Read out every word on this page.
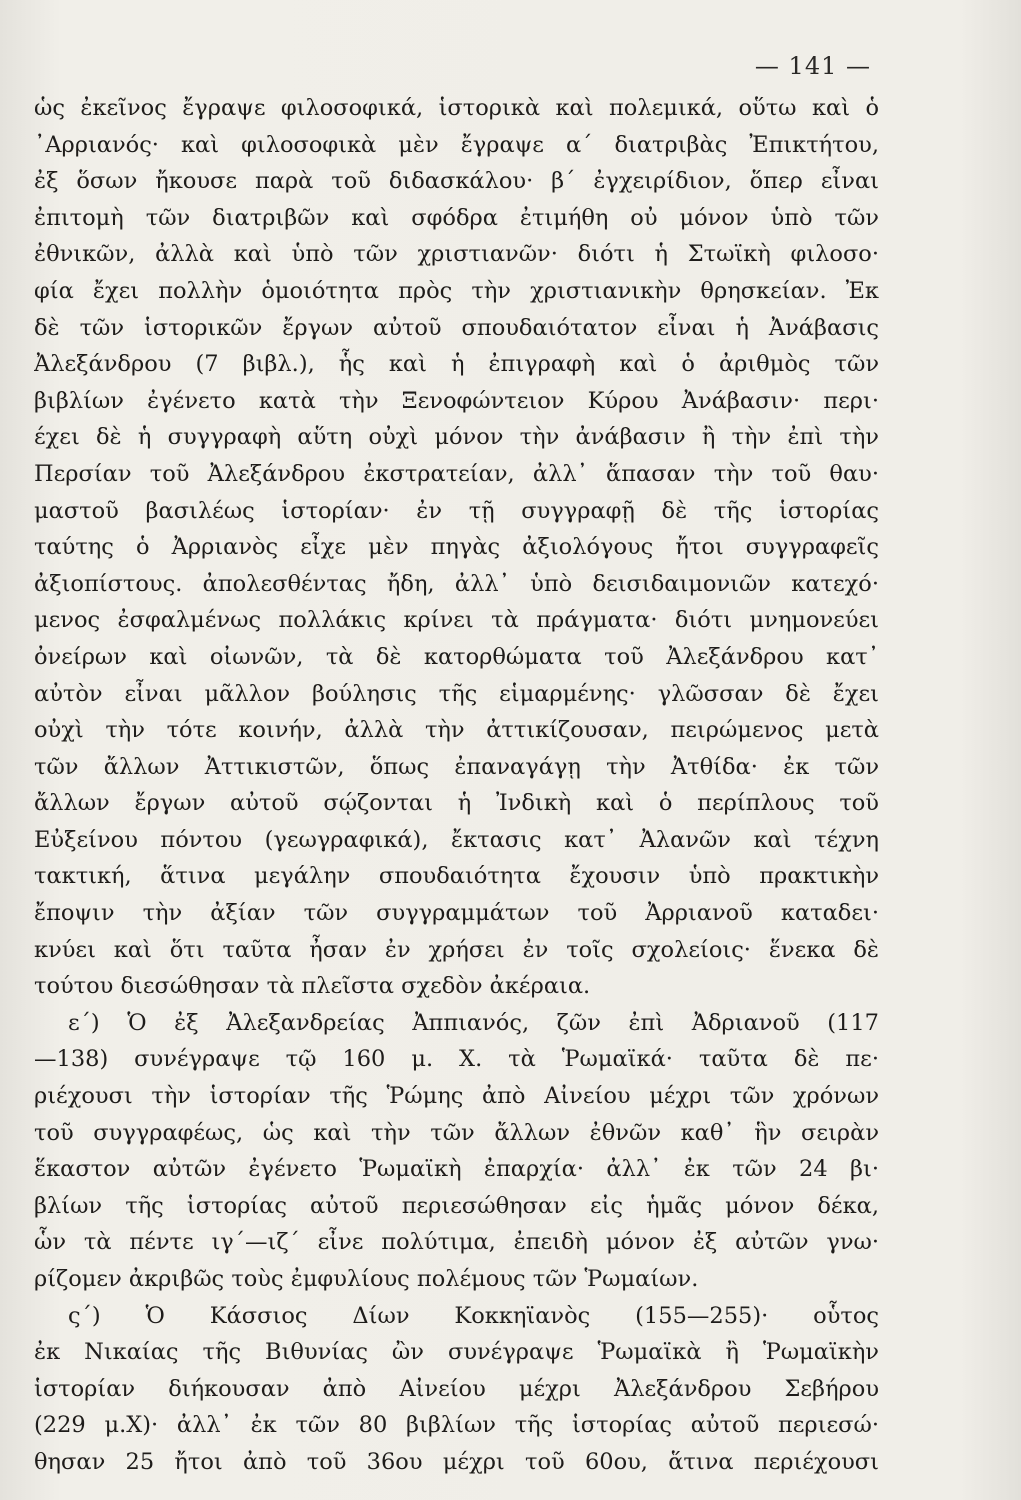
— 141 —
ὡς ἐκεῖνος ἔγραψε φιλοσοφικά, ἱστορικὰ καὶ πολεμικά, οὕτω καὶ ὁ
᾿Αρριανός· καὶ φιλοσοφικὰ μὲν ἔγραψε α΄ διατριβὰς Ἐπικτήτου,
ἐξ ὅσων ἤκουσε παρὰ τοῦ διδασκάλου· β΄ ἐγχειρίδιον, ὅπερ εἶναι
ἐπιτομὴ τῶν διατριβῶν καὶ σφόδρα ἐτιμήθη οὐ μόνον ὑπὸ τῶν
ἐθνικῶν, ἀλλὰ καὶ ὑπὸ τῶν χριστιανῶν· διότι ἡ Στωϊκὴ φιλοσο·
φία ἔχει πολλὴν ὁμοιότητα πρὸς τὴν χριστιανικὴν θρησκείαν. Ἐκ
δὲ τῶν ἱστορικῶν ἔργων αὐτοῦ σπουδαιότατον εἶναι ἡ Ἀνάβασις
Ἀλεξάνδρου (7 βιβλ.), ἧς καὶ ἡ ἐπιγραφὴ καὶ ὁ ἀριθμὸς τῶν
βιβλίων ἐγένετο κατὰ τὴν Ξενοφώντειον Κύρου Ἀνάβασιν· περι·
έχει δὲ ἡ συγγραφὴ αὕτη οὐχὶ μόνον τὴν ἀνάβασιν ἢ τὴν ἐπὶ τὴν
Περσίαν τοῦ Ἀλεξάνδρου ἐκστρατείαν, ἀλλ᾿ ἅπασαν τὴν τοῦ θαυ·
μαστοῦ βασιλέως ἱστορίαν· ἐν τῇ συγγραφῇ δὲ τῆς ἱστορίας
ταύτης ὁ Ἀρριανὸς εἶχε μὲν πηγὰς ἀξιολόγους ἤτοι συγγραφεῖς
ἀξιοπίστους. ἀπολεσθέντας ἤδη, ἀλλ᾿ ὑπὸ δεισιδαιμονιῶν κατεχό·
μενος ἐσφαλμένως πολλάκις κρίνει τὰ πράγματα· διότι μνημονεύει
ὀνείρων καὶ οἰωνῶν, τὰ δὲ κατορθώματα τοῦ Ἀλεξάνδρου κατ᾿
αὐτὸν εἶναι μᾶλλον βούλησις τῆς εἱμαρμένης· γλῶσσαν δὲ ἔχει
οὐχὶ τὴν τότε κοινήν, ἀλλὰ τὴν ἀττικίζουσαν, πειρώμενος μετὰ
τῶν ἄλλων Ἀττικιστῶν, ὅπως ἐπαναγάγῃ τὴν Ἀτθίδα· ἐκ τῶν
ἄλλων ἔργων αὐτοῦ σῴζονται ἡ Ἰνδικὴ καὶ ὁ περίπλους τοῦ
Εὐξείνου πόντου (γεωγραφικά), ἔκτασις κατ᾿ Ἀλανῶν καὶ τέχνη
τακτική, ἅτινα μεγάλην σπουδαιότητα ἔχουσιν ὑπὸ πρακτικὴν
ἔποψιν τὴν ἀξίαν τῶν συγγραμμάτων τοῦ Ἀρριανοῦ καταδει·
κνύει καὶ ὅτι ταῦτα ἦσαν ἐν χρήσει ἐν τοῖς σχολείοις· ἕνεκα δὲ
τούτου διεσώθησαν τὰ πλεῖστα σχεδὸν ἀκέραια.
ε΄) Ὁ ἐξ Ἀλεξανδρείας Ἀππιανός, ζῶν ἐπὶ Ἀδριανοῦ (117
—138) συνέγραψε τῷ 160 μ. Χ. τὰ Ῥωμαϊκά· ταῦτα δὲ πε·
ριέχουσι τὴν ἱστορίαν τῆς Ῥώμης ἀπὸ Αἰνείου μέχρι τῶν χρόνων
τοῦ συγγραφέως, ὡς καὶ τὴν τῶν ἄλλων ἐθνῶν καθ᾿ ἣν σειρὰν
ἕκαστον αὐτῶν ἐγένετο Ῥωμαϊκὴ ἐπαρχία· ἀλλ᾿ ἐκ τῶν 24 βι·
βλίων τῆς ἱστορίας αὐτοῦ περιεσώθησαν εἰς ἡμᾶς μόνον δέκα,
ὧν τὰ πέντε ιγ΄—ιζ΄ εἶνε πολύτιμα, ἐπειδὴ μόνον ἐξ αὐτῶν γνω·
ρίζομεν ἀκριβῶς τοὺς ἐμφυλίους πολέμους τῶν Ῥωμαίων.
ς΄) Ὁ Κάσσιος Δίων Κοκκηϊανὸς (155—255)· οὗτος
ἐκ Νικαίας τῆς Βιθυνίας ὢν συνέγραψε Ῥωμαϊκὰ ἢ Ῥωμαϊκὴν
ἱστορίαν διήκουσαν ἀπὸ Αἰνείου μέχρι Ἀλεξάνδρου Σεβήρου
(229 μ.Χ)· ἀλλ᾿ ἐκ τῶν 80 βιβλίων τῆς ἱστορίας αὐτοῦ περιεσώ·
θησαν 25 ἤτοι ἀπὸ τοῦ 36ου μέχρι τοῦ 60ου, ἅτινα περιέχουσι
